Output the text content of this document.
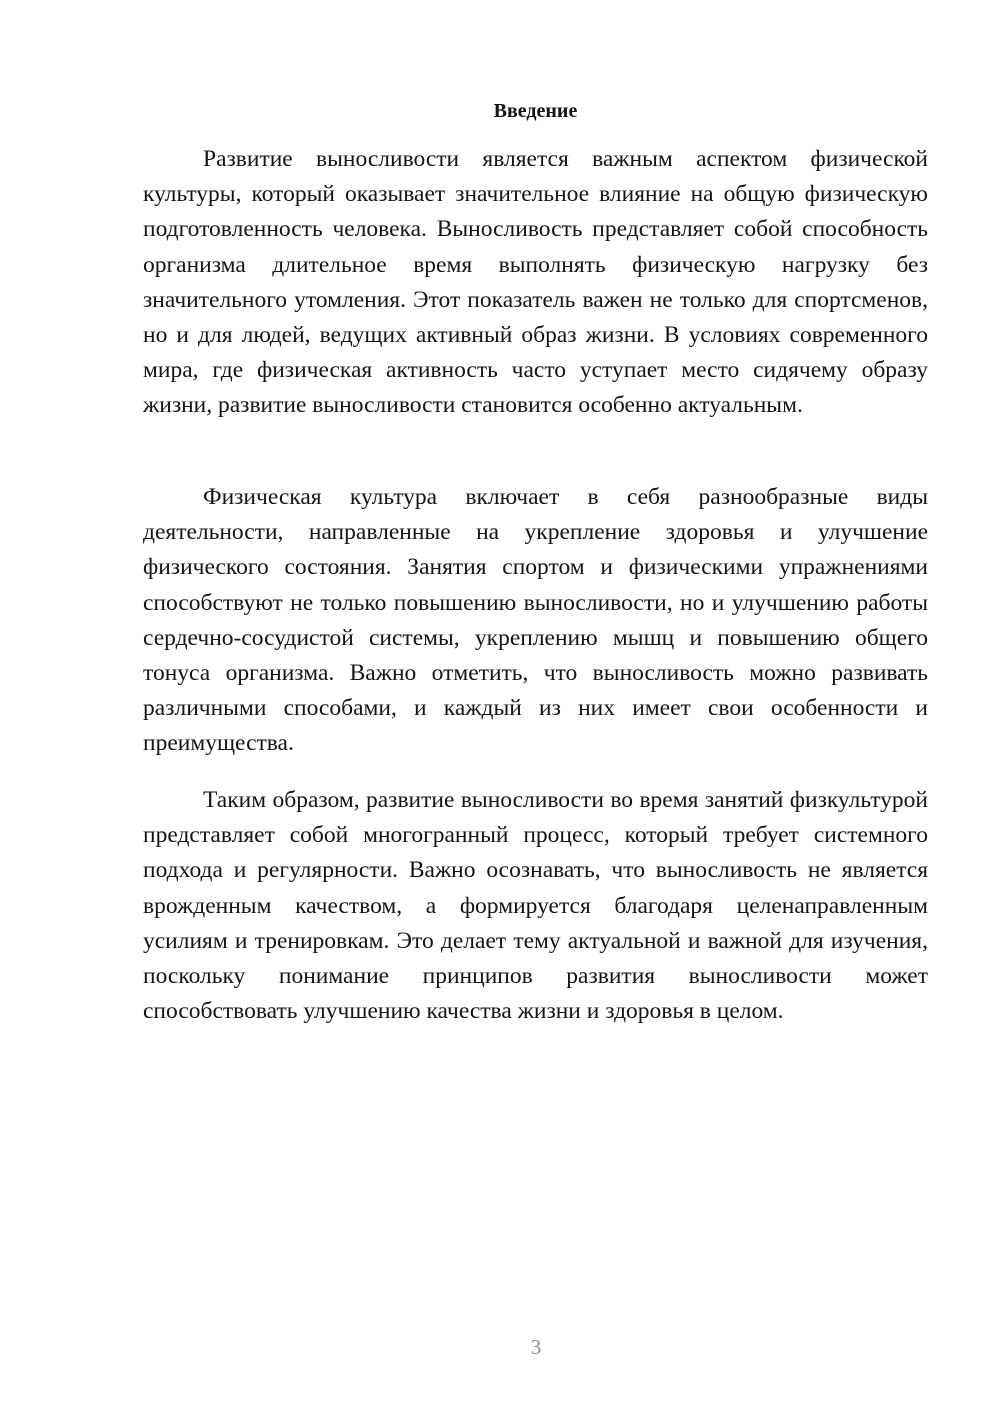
Введение

Развитие выносливости является важным аспектом физической культуры, который оказывает значительное влияние на общую физическую подготовленность человека. Выносливость представляет собой способность организма длительное время выполнять физическую нагрузку без значительного утомления. Этот показатель важен не только для спортсменов, но и для людей, ведущих активный образ жизни. В условиях современного мира, где физическая активность часто уступает место сидячему образу жизни, развитие выносливости становится особенно актуальным.

Физическая культура включает в себя разнообразные виды деятельности, направленные на укрепление здоровья и улучшение физического состояния. Занятия спортом и физическими упражнениями способствуют не только повышению выносливости, но и улучшению работы сердечно-сосудистой системы, укреплению мышц и повышению общего тонуса организма. Важно отметить, что выносливость можно развивать различными способами, и каждый из них имеет свои особенности и преимущества.

Таким образом, развитие выносливости во время занятий физкультурой представляет собой многогранный процесс, который требует системного подхода и регулярности. Важно осознавать, что выносливость не является врожденным качеством, а формируется благодаря целенаправленным усилиям и тренировкам. Это делает тему актуальной и важной для изучения, поскольку понимание принципов развития выносливости может способствовать улучшению качества жизни и здоровья в целом.

3
